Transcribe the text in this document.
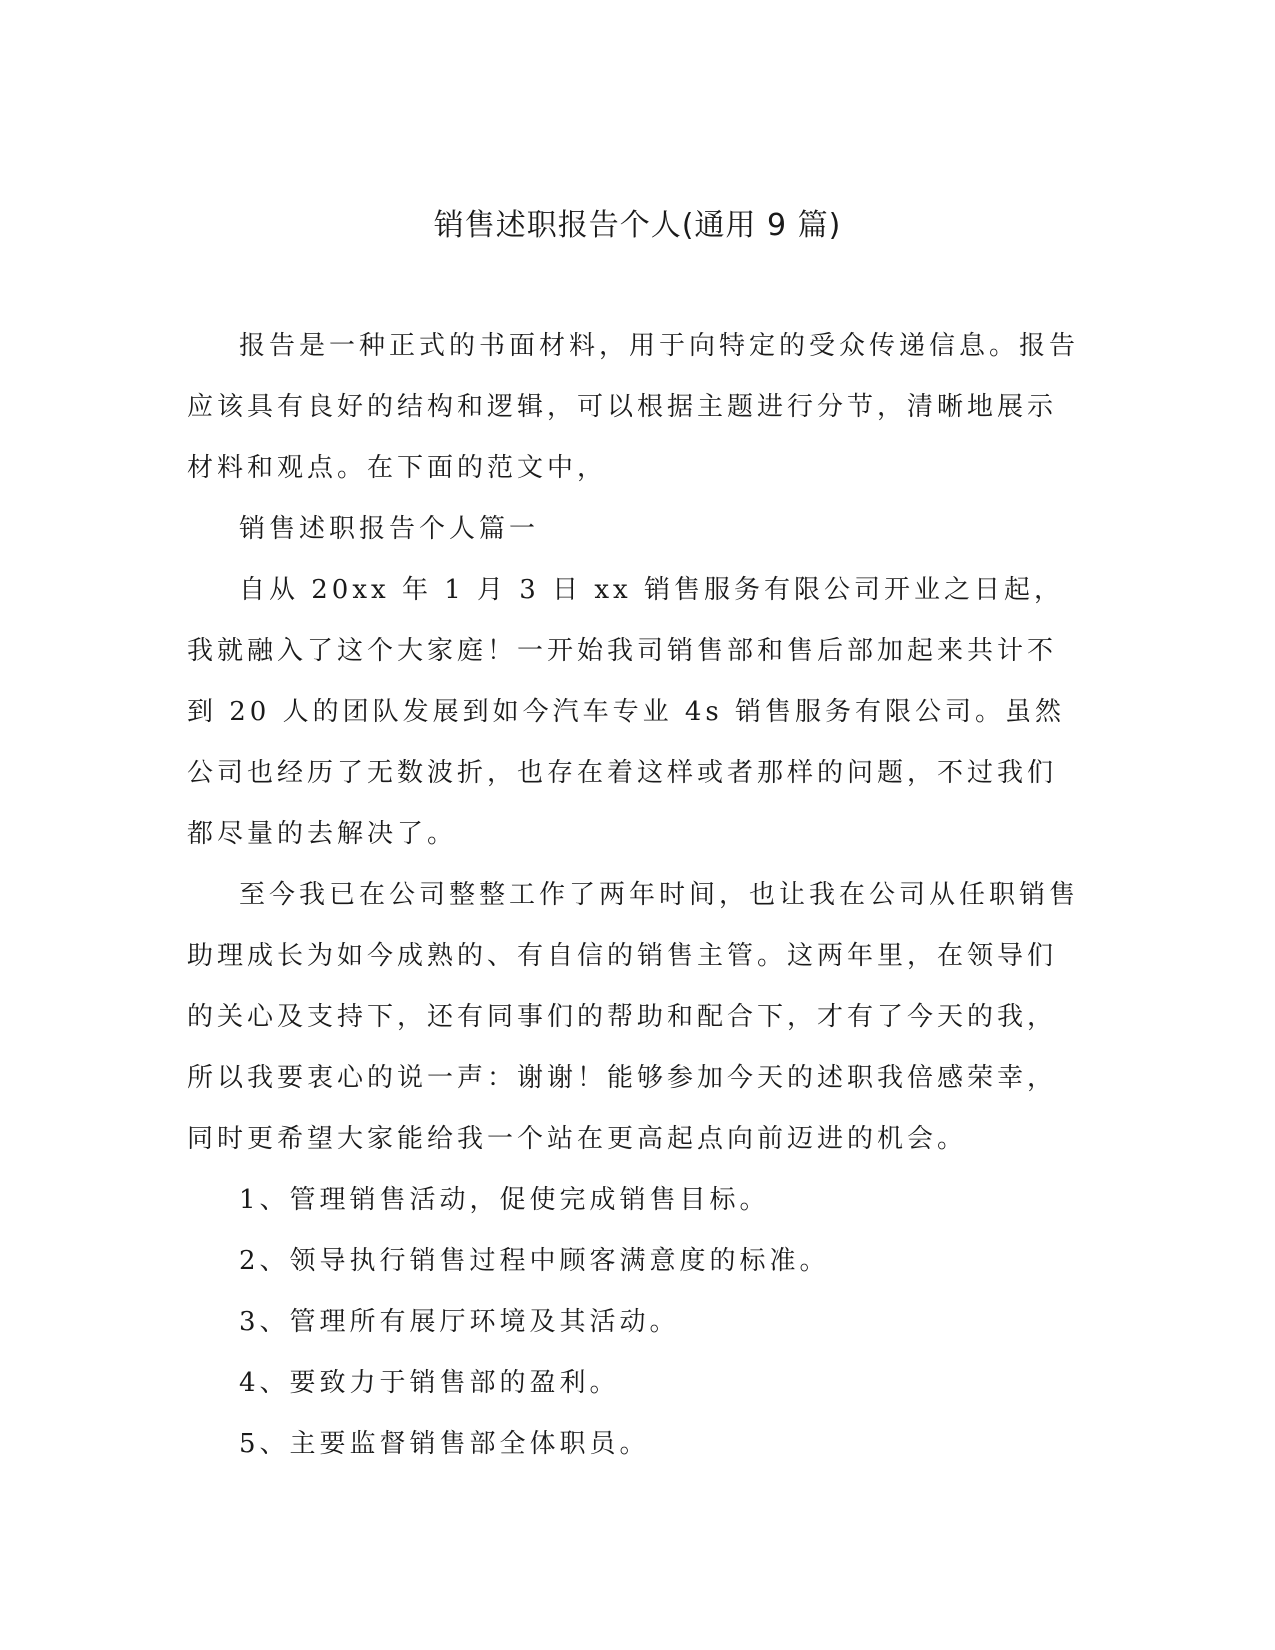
销售述职报告个人(通用 9 篇)

报告是一种正式的书面材料，用于向特定的受众传递信息。报告应该具有良好的结构和逻辑，可以根据主题进行分节，清晰地展示材料和观点。在下面的范文中，

销售述职报告个人篇一

自从 20xx 年 1 月 3 日 xx 销售服务有限公司开业之日起，我就融入了这个大家庭！一开始我司销售部和售后部加起来共计不到 20 人的团队发展到如今汽车专业 4s 销售服务有限公司。虽然公司也经历了无数波折，也存在着这样或者那样的问题，不过我们都尽量的去解决了。

至今我已在公司整整工作了两年时间，也让我在公司从任职销售助理成长为如今成熟的、有自信的销售主管。这两年里，在领导们的关心及支持下，还有同事们的帮助和配合下，才有了今天的我，所以我要衷心的说一声：谢谢！能够参加今天的述职我倍感荣幸，同时更希望大家能给我一个站在更高起点向前迈进的机会。

1、管理销售活动，促使完成销售目标。

2、领导执行销售过程中顾客满意度的标准。

3、管理所有展厅环境及其活动。

4、要致力于销售部的盈利。

5、主要监督销售部全体职员。
